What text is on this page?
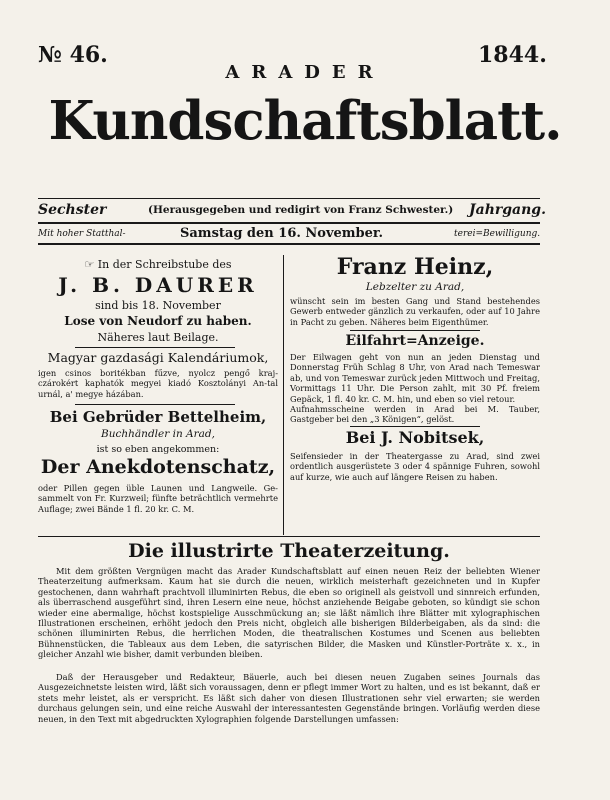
№ 46.	1844.
ARADER
Kundschaftsblatt.
Sechster	(Herausgegeben und redigirt von Franz Schwester.) Jahrgang.
Mit hoher Statthal-	Samstag den 16. November.	terei=Bewilligung.
☞ In der Schreibstube des
J. B. DAURER
sind bis 18. November
Lose von Neudorf zu haben.
Näheres laut Beilage.
Magyar gazdasági Kalendáriumok,
igen csinos boritékban fűzve, nyolcz pengő kraj-czárokért kaphatók megyei kiadó Kosztolányi An-tal urnál, a' megye házában.
Bei Gebrüder Bettelheim,
Buchhändler in Arad,
ist so eben angekommen:
Der Anekdotenschatz,
oder Pillen gegen üble Launen und Langweile. Ge-sammelt von Fr. Kurzweil; fünfte beträchtlich vermehrte Auflage; zwei Bände 1 fl. 20 kr. C. M.
Franz Heinz,
Lebzelter zu Arad,
wünscht sein im besten Gang und Stand bestehendes Gewerb entweder gänzlich zu verkaufen, oder auf 10 Jahre in Pacht zu geben. Näheres beim Eigenthümer.
Eilfahrt=Anzeige.
Der Eilwagen geht von nun an jeden Dienstag und Donnerstag Früh Schlag 8 Uhr, von Arad nach Temeswar ab, und von Temeswar zurück jeden Mittwoch und Freitag, Vormittags 11 Uhr. Die Person zahlt, mit 30 Pf. freiem Gepäck, 1 fl. 40 kr. C. M. hin, und eben so viel retour.
Aufnahmsscheine werden in Arad bei M. Tauber, Gastgeber bei den „3 Königen“, gelöst.
Bei J. Nobitsek,
Seifensieder in der Theatergasse zu Arad, sind zwei ordentlich ausgerüstete 3 oder 4 spännige Fuhren, sowohl auf kurze, wie auch auf längere Reisen zu haben.
Die illustrirte Theaterzeitung.
Mit dem größten Vergnügen macht das Arader Kundschaftsblatt auf einen neuen Reiz der beliebten Wiener Theaterzeitung aufmerksam. Kaum hat sie durch die neuen, wirklich meisterhaft gezeichneten und in Kupfer gestochenen, dann wahrhaft prachtvoll illuminirten Rebus, die eben so originell als geistvoll und sinnreich erfunden, als überraschend ausgeführt sind, ihren Lesern eine neue, höchst anziehende Beigabe geboten, so kündigt sie schon wieder eine abermalige, höchst kostspielige Ausschmückung an; sie läßt nämlich ihre Blätter mit xylographischen Illustrationen erscheinen, erhöht jedoch den Preis nicht, obgleich alle bisherigen Bilderbeigaben, als da sind: die schönen illuminirten Rebus, die herrlichen Moden, die theatralischen Kostumes und Scenen aus beliebten Bühnenstücken, die Tableaux aus dem Leben, die satyrischen Bilder, die Masken und Künstler-Porträte x. x., in gleicher Anzahl wie bisher, damit verbunden bleiben.
Daß der Herausgeber und Redakteur, Bäuerle, auch bei diesen neuen Zugaben seines Journals das Ausgezeichnetste leisten wird, läßt sich voraussagen, denn er pflegt immer Wort zu halten, und es ist bekannt, daß er stets mehr leistet, als er verspricht. Es läßt sich daher von diesen Illustrationen sehr viel erwarten; sie werden durchaus gelungen sein, und eine reiche Auswahl der interessantesten Gegenstände bringen. Vorläufig werden diese neuen, in den Text mit abgedruckten Xylographien folgende Darstellungen umfassen:
